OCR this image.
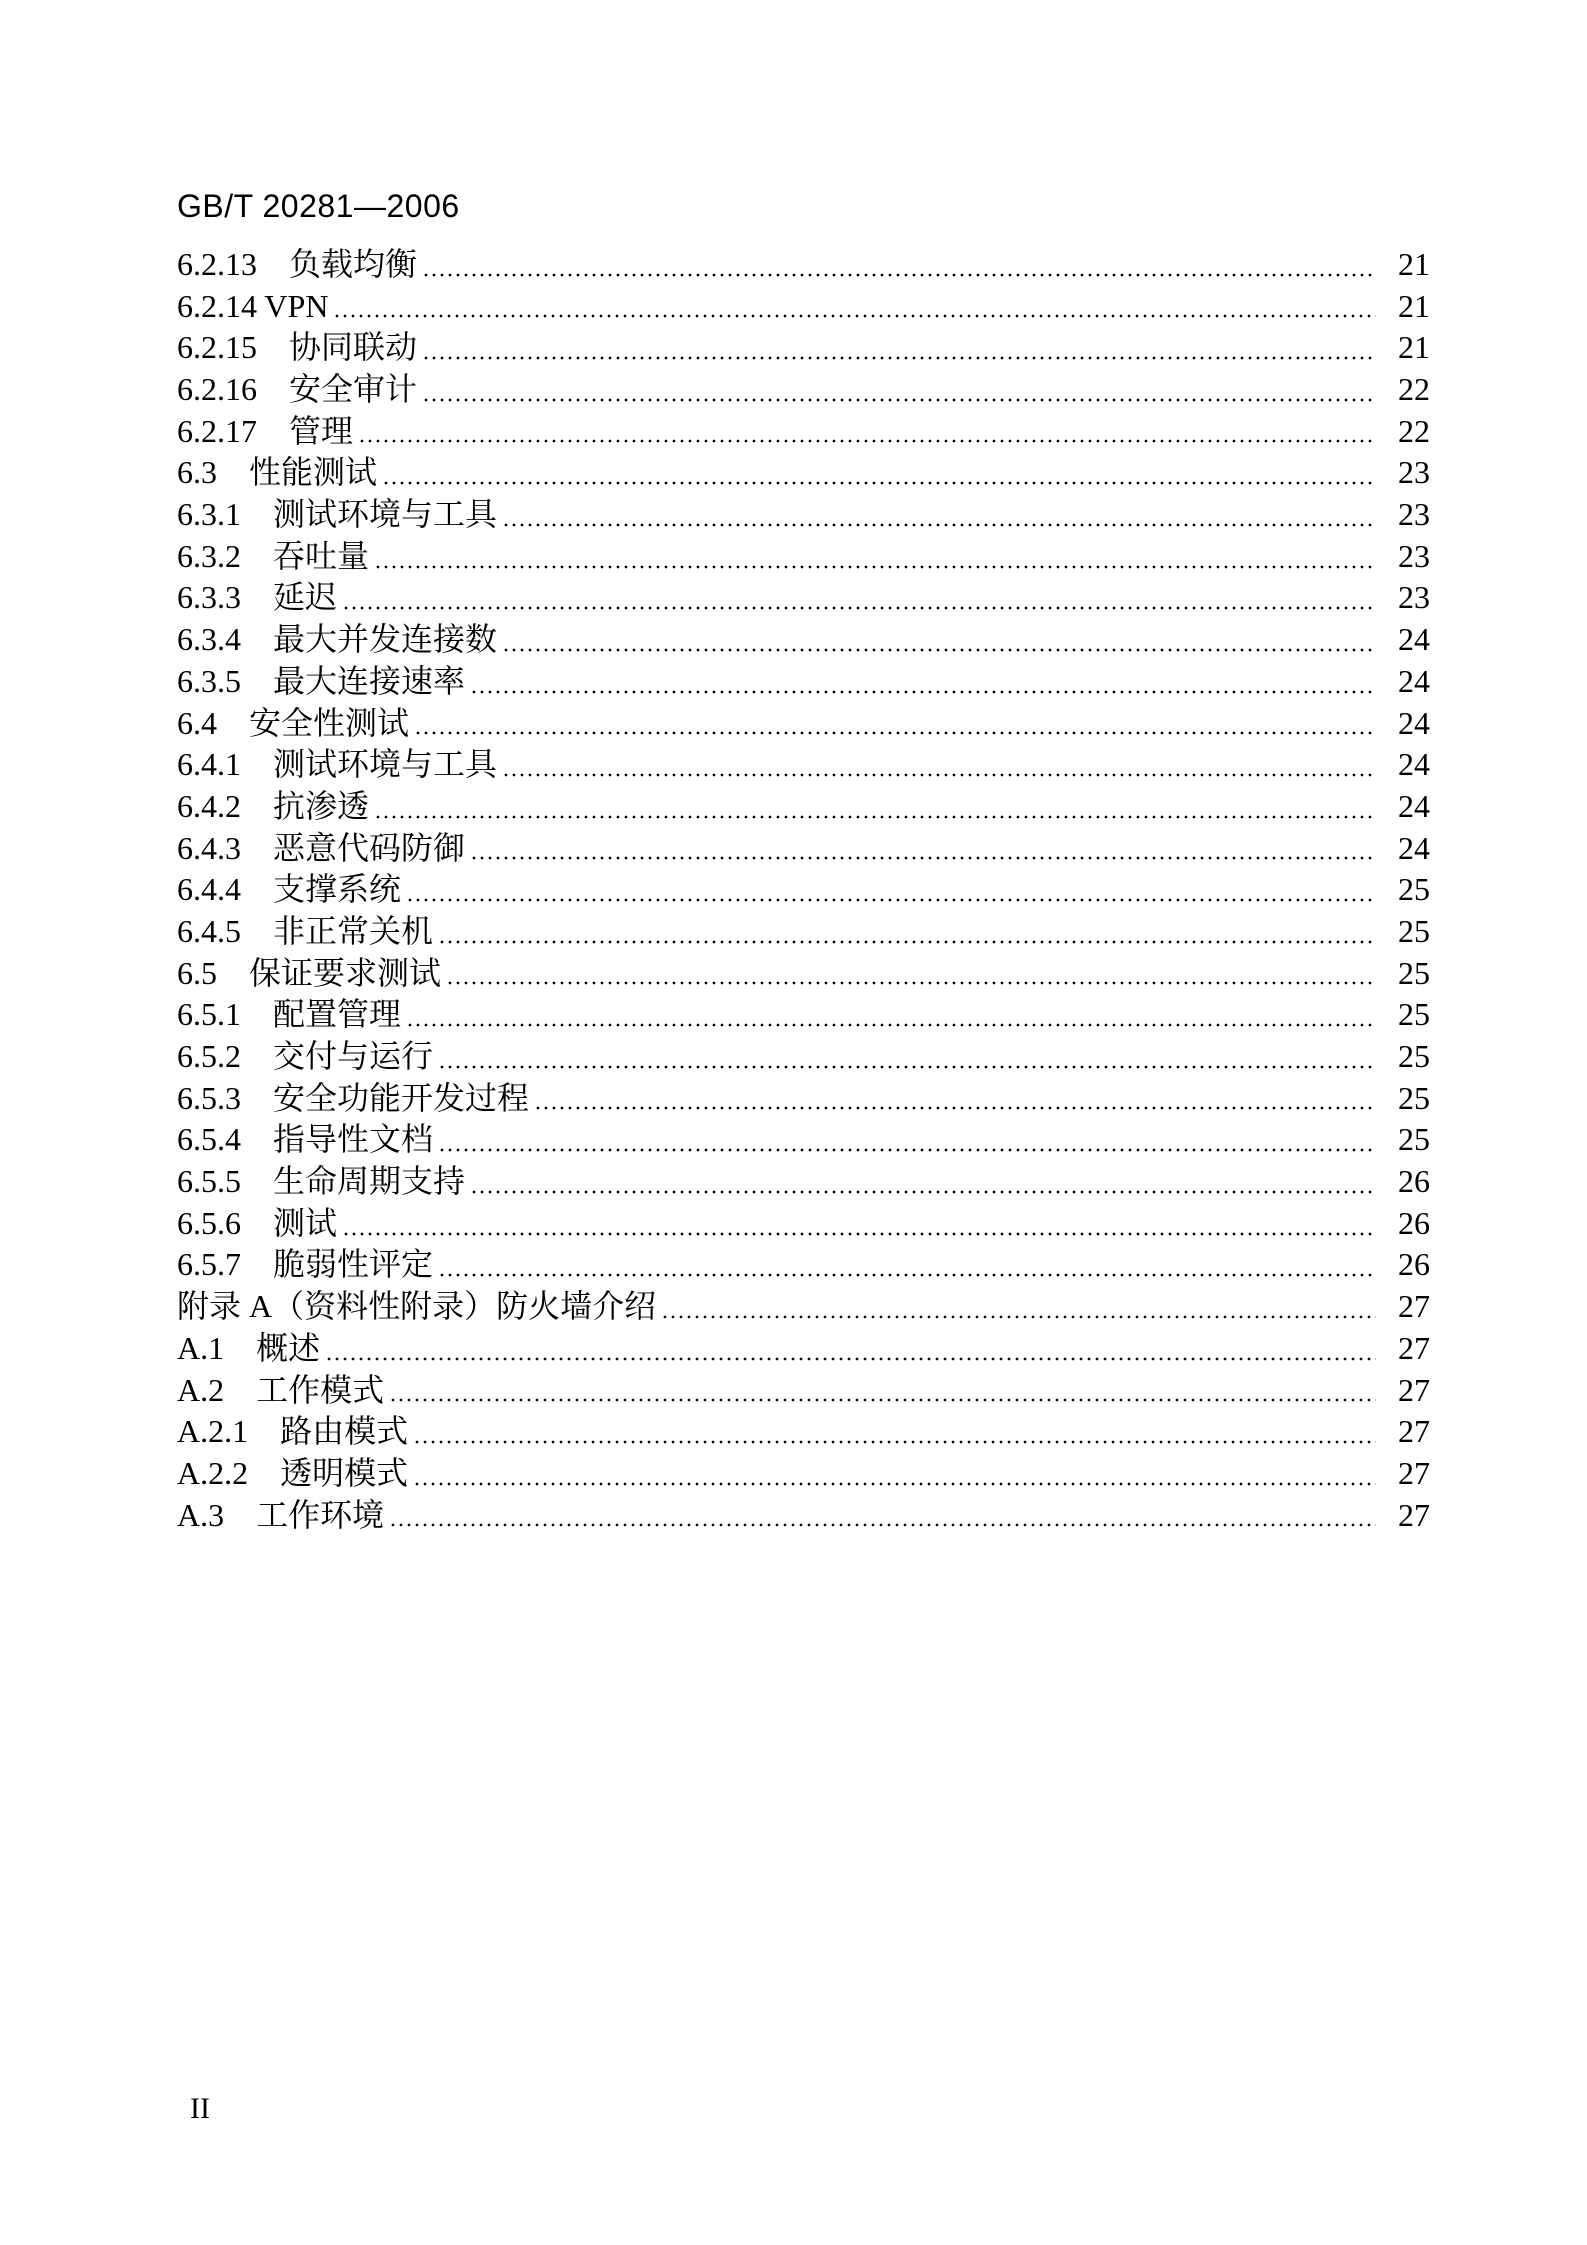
GB/T 20281—2006
6.2.13　负载均衡	21
6.2.14 VPN	21
6.2.15　协同联动	21
6.2.16　安全审计	22
6.2.17　管理	22
6.3　性能测试	23
6.3.1　测试环境与工具	23
6.3.2　吞吐量	23
6.3.3　延迟	23
6.3.4　最大并发连接数	24
6.3.5　最大连接速率	24
6.4　安全性测试	24
6.4.1　测试环境与工具	24
6.4.2　抗渗透	24
6.4.3　恶意代码防御	24
6.4.4　支撑系统	25
6.4.5　非正常关机	25
6.5　保证要求测试	25
6.5.1　配置管理	25
6.5.2　交付与运行	25
6.5.3　安全功能开发过程	25
6.5.4　指导性文档	25
6.5.5　生命周期支持	26
6.5.6　测试	26
6.5.7　脆弱性评定	26
附录 A（资料性附录）防火墙介绍	27
A.1　概述	27
A.2　工作模式	27
A.2.1　路由模式	27
A.2.2　透明模式	27
A.3　工作环境	27
II
